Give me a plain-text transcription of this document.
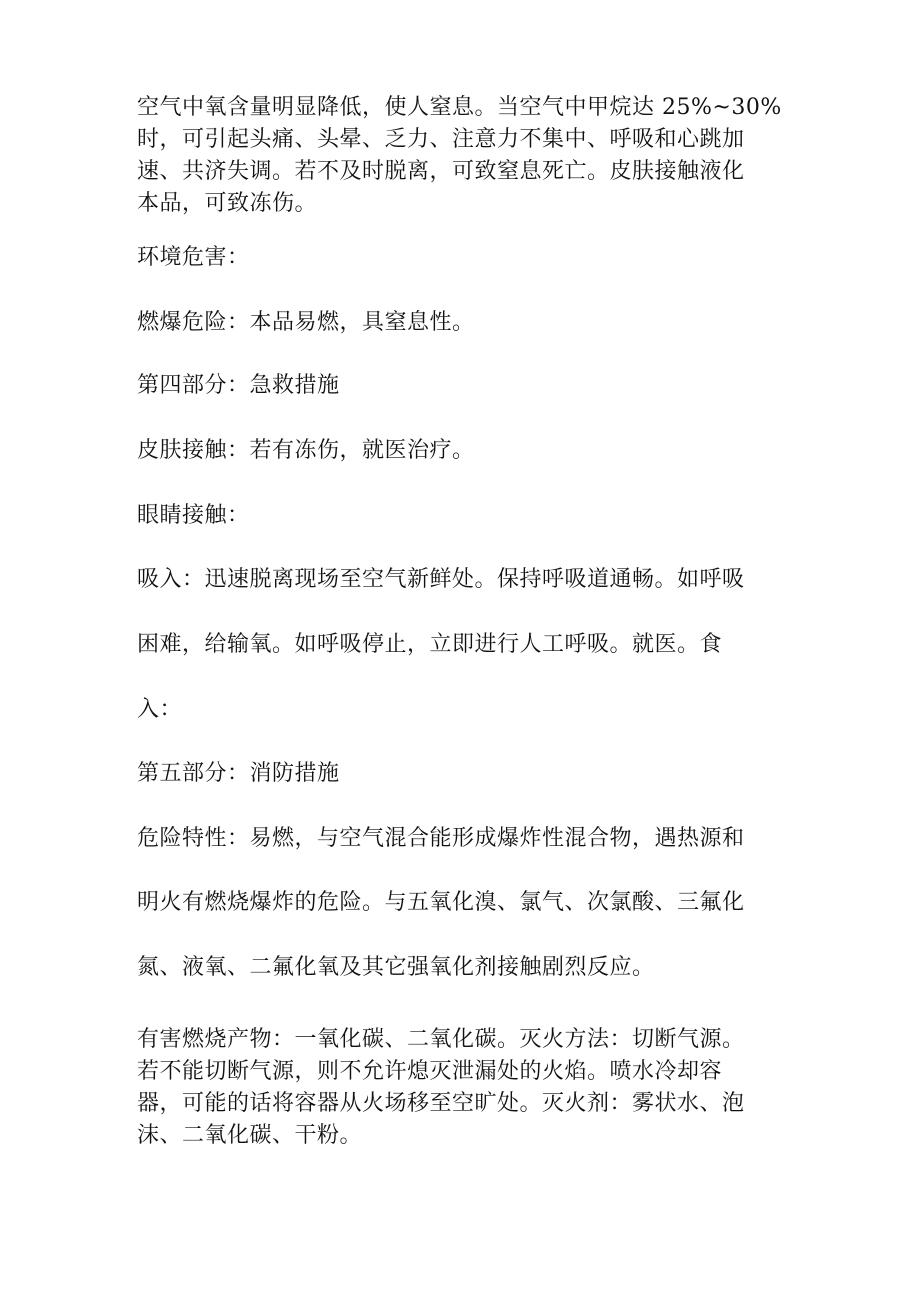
空气中氧含量明显降低，使人窒息。当空气中甲烷达 25%~30%
时，可引起头痛、头晕、乏力、注意力不集中、呼吸和心跳加
速、共济失调。若不及时脱离，可致窒息死亡。皮肤接触液化
本品，可致冻伤。
环境危害：
燃爆危险：本品易燃，具窒息性。
第四部分：急救措施
皮肤接触：若有冻伤，就医治疗。
眼睛接触：
吸入：迅速脱离现场至空气新鲜处。保持呼吸道通畅。如呼吸
困难，给输氧。如呼吸停止，立即进行人工呼吸。就医。食
入：
第五部分：消防措施
危险特性：易燃，与空气混合能形成爆炸性混合物，遇热源和
明火有燃烧爆炸的危险。与五氧化溴、氯气、次氯酸、三氟化
氮、液氧、二氟化氧及其它强氧化剂接触剧烈反应。
有害燃烧产物：一氧化碳、二氧化碳。灭火方法：切断气源。
若不能切断气源，则不允许熄灭泄漏处的火焰。喷水冷却容
器，可能的话将容器从火场移至空旷处。灭火剂：雾状水、泡
沫、二氧化碳、干粉。
